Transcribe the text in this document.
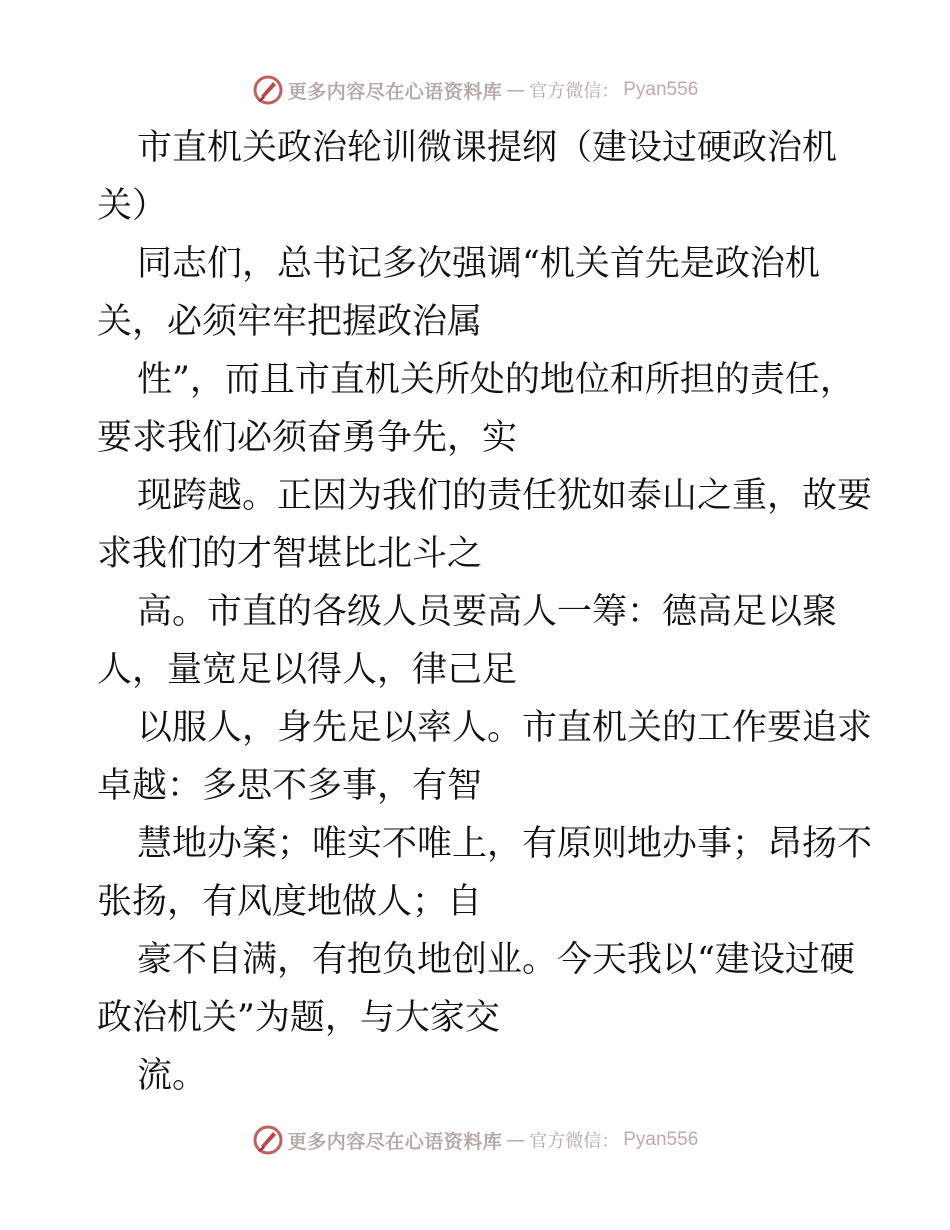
更多内容尽在心语资料库 — 官方微信： Pyan556
市直机关政治轮训微课提纲（建设过硬政治机
关）
同志们，总书记多次强调“机关首先是政治机
关，必须牢牢把握政治属
性”，而且市直机关所处的地位和所担的责任，
要求我们必须奋勇争先，实
现跨越。正因为我们的责任犹如泰山之重，故要
求我们的才智堪比北斗之
高。市直的各级人员要高人一筹：德高足以聚
人，量宽足以得人，律己足
以服人，身先足以率人。市直机关的工作要追求
卓越：多思不多事，有智
慧地办案；唯实不唯上，有原则地办事；昂扬不
张扬，有风度地做人；自
豪不自满，有抱负地创业。今天我以“建设过硬
政治机关”为题，与大家交
流。
更多内容尽在心语资料库 — 官方微信： Pyan556
